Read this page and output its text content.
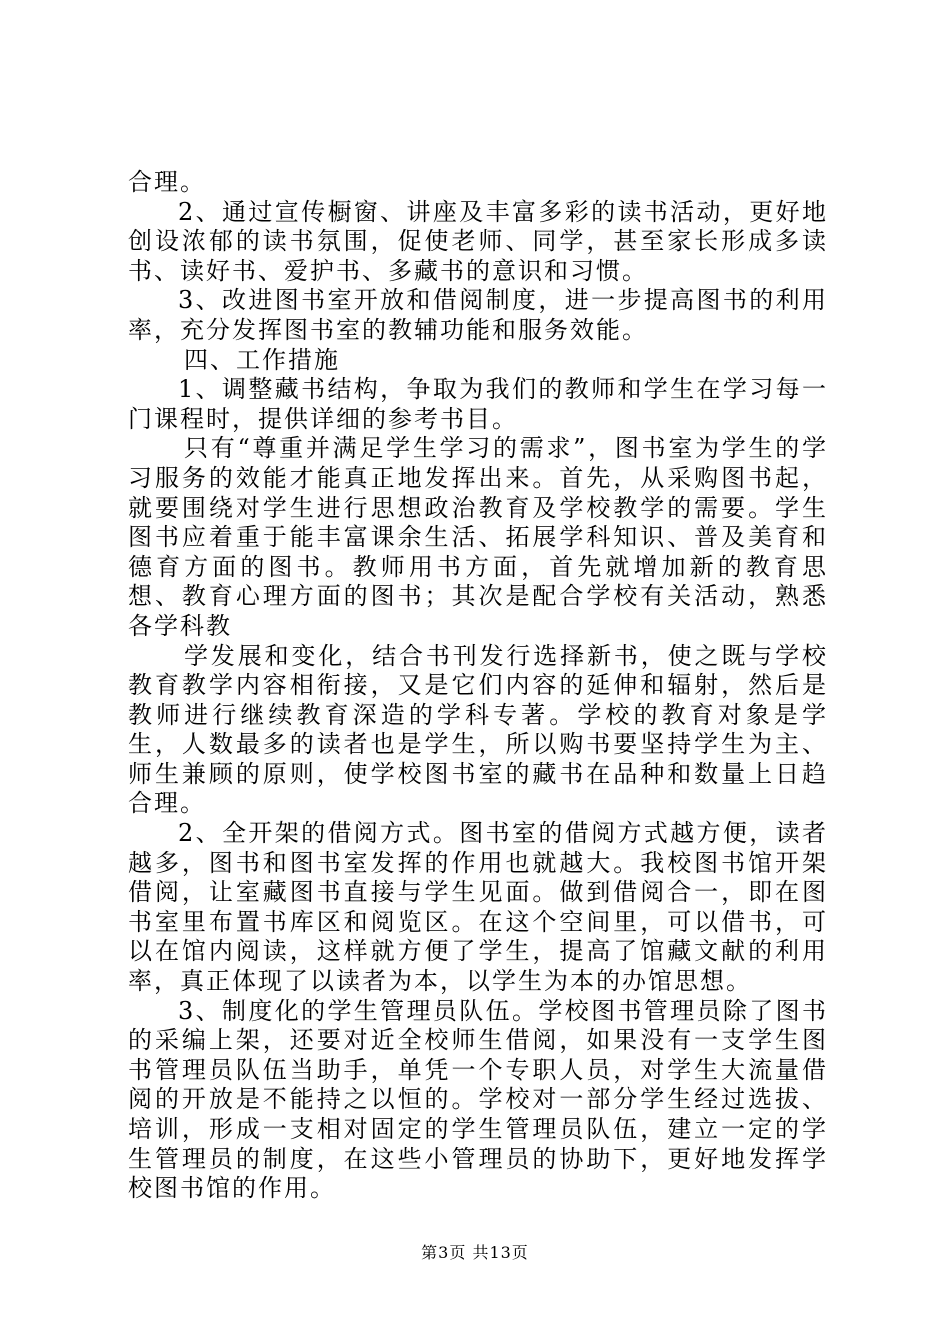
合理。

2、通过宣传橱窗、讲座及丰富多彩的读书活动，更好地创设浓郁的读书氛围，促使老师、同学，甚至家长形成多读书、读好书、爱护书、多藏书的意识和习惯。

3、改进图书室开放和借阅制度，进一步提高图书的利用率，充分发挥图书室的教辅功能和服务效能。

四、工作措施

1、调整藏书结构，争取为我们的教师和学生在学习每一门课程时，提供详细的参考书目。

只有“尊重并满足学生学习的需求”，图书室为学生的学习服务的效能才能真正地发挥出来。首先，从采购图书起，就要围绕对学生进行思想政治教育及学校教学的需要。学生图书应着重于能丰富课余生活、拓展学科知识、普及美育和德育方面的图书。教师用书方面，首先就增加新的教育思想、教育心理方面的图书；其次是配合学校有关活动，熟悉各学科教

学发展和变化，结合书刊发行选择新书，使之既与学校教育教学内容相衔接，又是它们内容的延伸和辐射，然后是教师进行继续教育深造的学科专著。学校的教育对象是学生，人数最多的读者也是学生，所以购书要坚持学生为主、师生兼顾的原则，使学校图书室的藏书在品种和数量上日趋合理。

2、全开架的借阅方式。图书室的借阅方式越方便，读者越多，图书和图书室发挥的作用也就越大。我校图书馆开架借阅，让室藏图书直接与学生见面。做到借阅合一，即在图书室里布置书库区和阅览区。在这个空间里，可以借书，可以在馆内阅读，这样就方便了学生，提高了馆藏文献的利用率，真正体现了以读者为本，以学生为本的办馆思想。

3、制度化的学生管理员队伍。学校图书管理员除了图书的采编上架，还要对近全校师生借阅，如果没有一支学生图书管理员队伍当助手，单凭一个专职人员，对学生大流量借阅的开放是不能持之以恒的。学校对一部分学生经过选拔、培训，形成一支相对固定的学生管理员队伍，建立一定的学生管理员的制度，在这些小管理员的协助下，更好地发挥学校图书馆的作用。

第3页 共13页
